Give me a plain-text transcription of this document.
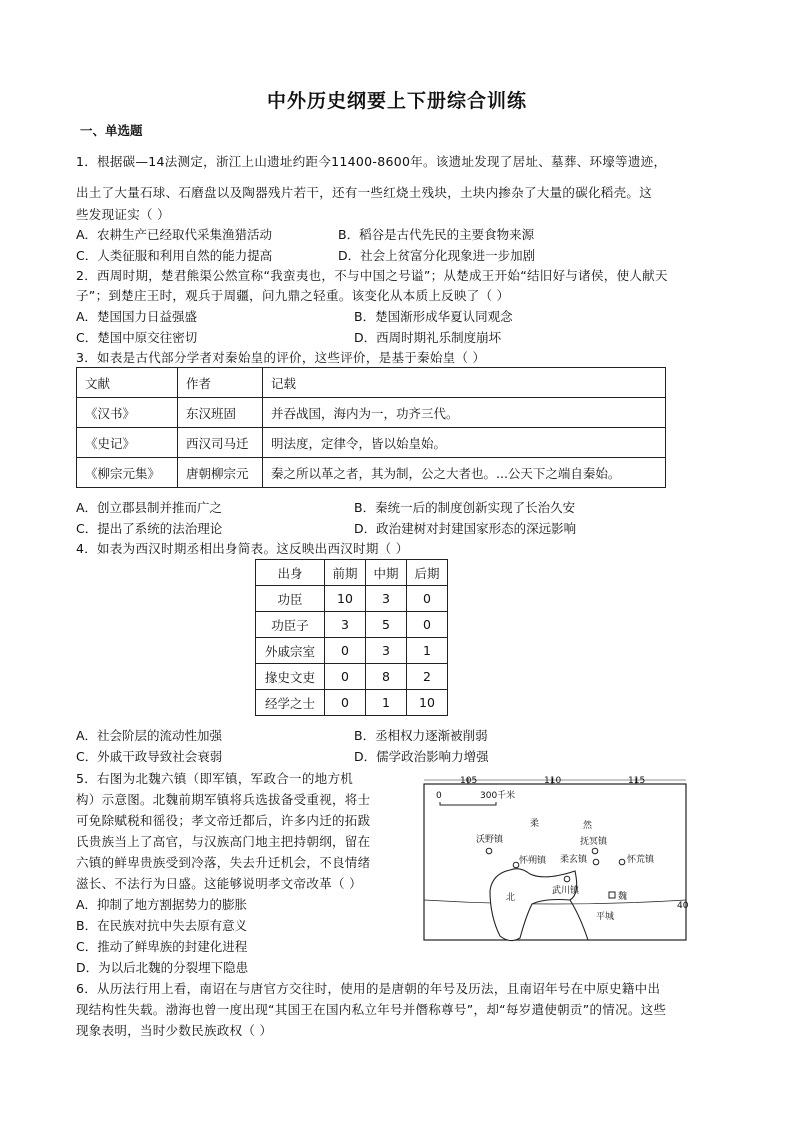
中外历史纲要上下册综合训练
一、单选题
1．根据碳—14法测定，浙江上山遗址约距今11400-8600年。该遗址发现了居址、墓葬、环壕等遗迹，
出土了大量石球、石磨盘以及陶器残片若干，还有一些红烧土残块，土块内掺杂了大量的碳化稻壳。这
些发现证实（ ）
A．农耕生产已经取代采集渔猎活动	B．稻谷是古代先民的主要食物来源
C．人类征服和利用自然的能力提高	D．社会上贫富分化现象进一步加剧
2．西周时期，楚君熊渠公然宣称“我蛮夷也，不与中国之号谥”；从楚成王开始“结旧好与诸侯，使人献天
子”；到楚庄王时，观兵于周疆，问九鼎之轻重。该变化从本质上反映了（ ）
A．楚国国力日益强盛	B．楚国渐形成华夏认同观念
C．楚国中原交往密切	D．西周时期礼乐制度崩坏
3．如表是古代部分学者对秦始皇的评价，这些评价，是基于秦始皇（ ）
文献	作者	记载
《汉书》	东汉班固	并吞战国，海内为一，功齐三代。
《史记》	西汉司马迁	明法度，定律令，皆以始皇始。
《柳宗元集》	唐朝柳宗元	秦之所以革之者，其为制，公之大者也。...公天下之端自秦始。
A．创立郡县制并推而广之	B．秦统一后的制度创新实现了长治久安
C．提出了系统的法治理论	D．政治建树对封建国家形态的深远影响
4．如表为西汉时期丞相出身简表。这反映出西汉时期（ ）
出身	前期	中期	后期
功臣	10	3	0
功臣子	3	5	0
外戚宗室	0	3	1
掾史文吏	0	8	2
经学之士	0	1	10
A．社会阶层的流动性加强	B．丞相权力逐渐被削弱
C．外戚干政导致社会衰弱	D．儒学政治影响力增强
5．右图为北魏六镇（即军镇，军政合一的地方机
构）示意图。北魏前期军镇将兵选拔备受重视，将士
可免除赋税和徭役；孝文帝迁都后，许多内迁的拓跋
氏贵族当上了高官，与汉族高门地主把持朝纲，留在
六镇的鲜卑贵族受到冷落，失去升迁机会，不良情绪
滋长、不法行为日盛。这能够说明孝文帝改革（ ）
A．抑制了地方割据势力的膨胀
B．在民族对抗中失去原有意义
C．推动了鲜卑族的封建化进程
D．为以后北魏的分裂埋下隐患
105	110	115
40
0	300千米
柔	然
北
沃野镇
怀朔镇
抚冥镇
柔玄镇	怀荒镇
武川镇
魏
平城
6．从历法行用上看，南诏在与唐官方交往时，使用的是唐朝的年号及历法，且南诏年号在中原史籍中出
现结构性失载。渤海也曾一度出现“其国王在国内私立年号并僭称尊号”，却“每岁遣使朝贡”的情况。这些
现象表明，当时少数民族政权（ ）
